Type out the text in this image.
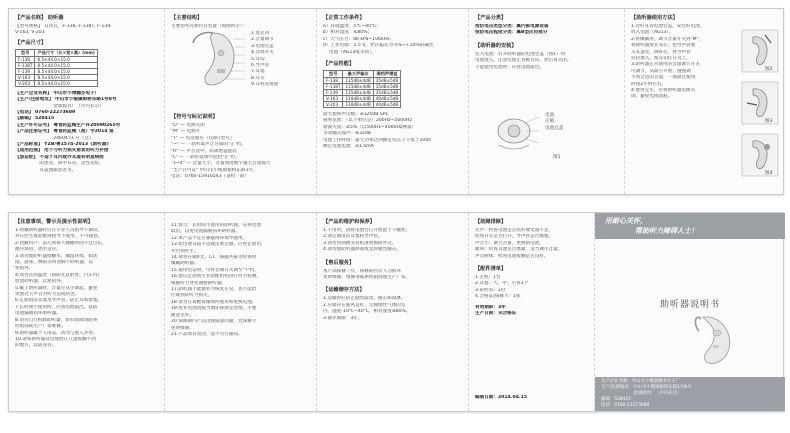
【产品名称】 助听器
【型号规格】 耳背式，F-138, F-138T, F-139,
V-163, V-203
【产品尺寸】
型号	产品尺寸（长×宽×高）(mm)
F-138	8.5×44.0×15.0
F-138T	8.5×44.0×15.0
F-139	8.5×44.0×15.0
V-163	8.5×44.0×15.0
V-203	8.5×44.0×15.0
【生产企业名称】 中山市小博腾杰电子厂
【生产/注册地址】 中山市小榄镇银桥东路1号8号
　　　　　　　　 金球模具厂（市内长宗）
【电话】 0760-22273689
【邮编】 528415
【生产许可证号】 粤食药监械生产许20090265号
【产品注册证号】 粤食药监械（准）字2014 第
　　　　　　　　 2460473 号（注）
【产品标准】 YZB/粤1574-2013《助听器》
【适用范围】 用于与听力损失患者的听力补偿
【禁忌症】 不适于耳内或外耳道有明显病症
　　　　　 的患者，如中耳炎、急性炎症、
　　　　　 耳道流脓患者等。
【主要结构】
主要由外壳和传音装置（如图所示）：
1.麦克风
2.音量调节
3.电池仓盖
4.音调开关
5.耳钩
6.导声管
7.耳塞
8.开关
9.耳机连接座
【符号与标记说明】
"O" — 电源关闭
"M" — 电源开
"T" — 电话感应（仅限T型号）
"~" — 一款听取声音分离的"正"档，
"H" — 声音适中，高频增益提高
"L" — 一款带低频中度档"正"档，
"1~4" — 音量大小，音量刻度数字越大音量越大
"生产许可证" 中山市小榄镇银桥东路1号，
电话：0760-15916543（请检一联）
【正常工作条件】
a）环境温度：5℃~40℃；
b）相对湿度：≤80%；
c）大气压力：86 kPa~106kPa；
d）工作电源：1.5 V，允许偏差为-5%~+10%的碱性
　 电池（AG13或等同）。
【产品性能】
型号	最大声输出	满档声增益
F-138	115dB±4dB	35dB±5dB
F-138T	115dB±4dB	35dB±5dB
F-139	115dB±4dB	35dB±5dB
V-163	118dB±4dB	40dB±5dB
V-203	118dB±4dB	40dB±5dB
最大饱和声压级：≤125dB SPL
频率范围：（以下单位是）200Hz~5000Hz
谐波失真：≤5%（以500Hz~4000Hz测量）
等效输入噪声：≤32dB
电池工作时间：最大功率达到额定电压下不低于200h
额定电池电流：≤1.5mA
【产品分类】
按防电击类型分类：属内部电源设备
按防电击程度分类：属B型应用部分
【助听器的安装】
装入电池：打开助听器的电池仓盖（图1）将
电池放入，注意电池正负极方向，然后再关闭。
不能使用电池时，应将电池取出。
电池
正极
电池仓盖
图1
【助听器使用方法】
1.对好耳背电池仓盖，安装好电池，
放入电池（AG13）。
2.将佩戴用，调节音量开关到"M"，
将助听器放在耳后，把导声管塞
入耳道里，调好后，将导声管
轻轻塞入，使耳钩挂在耳上。
3.助听器正常使用的音量调节开关
可调节，从最小开始，慢慢调
节到合适的音量，一般最佳使用
时间2小时左右。
4.使用完毕，应将助听器电源关
闭，避免电池消耗。
图2
图3
图4
【注意事项、警示及提示性说明】
1.初戴助听器时应在专业人员指导下调试，
并在医生或验配师指导下使用，不可随意。
2.初戴用户：前几周每天佩戴时间不宜过长，
循序渐进，逐步适应。
3.请勿使助听器接触水、潮湿环境，如洗
澡、游泳、淋雨等时请摘下助听器，以
免损坏。
4.请勿在高温处（如阳光直射处、汽车内）
放置助听器，以免损坏。
5.戴上助听器时，音量应从小调起，避免
突然过大声音对听力造成伤害。
6.定期清洁耳塞及导声管，防止耳垢堵塞。
7.长时间不使用时，应将电池取出，以防
电池漏液损坏助听器。
8.请勿自行拆卸助听器，如有故障请联系
经销商或生产厂家维修。
9.助听器属个人用品，请勿与他人共用。
10.请将助听器及电池放在儿童接触不到
的地方，以防误吞。
11.警告：长时间不使用的助听器，应将电池
取出，以免电池漏液损坏助听器。
12.本产品不宜在强磁场环境中使用。
13.如出现耳道不适或皮肤过敏，应停止使用，
并咨询医生。
14.请勿在做X光、CT、核磁共振等检查时
佩戴助听器。
15.使用电话时，可将音调开关调至"T"档。
16.建议定期到专业验配机构进行听力检测，
根据听力变化调整助听器。
17.助听器不能使听力恢复正常，也不能治
疗或预防听力损失。
18.请勿在易燃易爆场所使用和更换电池。
19.废弃电池请按当地环保规定处理，不要
随意丢弃。
20.保修期内产品出现质量问题，凭保修卡
免费维修。
21.产品如有改动，恕不另行通知。
【产品的维护和保养】
1.不用时，请将电池仓打开放置于干燥处。
2.请定期清洁耳塞和导声管。
3.请勿用酒精等有机溶剂擦拭外壳。
4.请勿使助听器摔落或受到强烈撞击。
【售后服务】
本产品保修一年，保修期内非人为损坏
免费维修，维修请联系经销商或生产厂家。
【运输储存方法】
1.运输时应防止剧烈震动、撞击和雨淋。
2.应储存在通风良好、无腐蚀性气体的室
内，温度-10℃~40℃，相对湿度≤80%。
3.储存期限：3年。
【故障排除】
无声：检查电池是否装好或电量不足，
检查开关是否打开，导声管是否堵塞。
声音小：调大音量，更换新电池。
啸叫：检查耳塞是否塞紧，适当调小音量。
声音断续：检查电池接触是否良好。
【配件清单】
1.主机：1台
2.耳塞：大、中、小各1个
3.说明书：1份
4.合格证/保修卡：1张
有效期限：3年
生产日期：见合格证
编制日期：2014.04.15
用耐心关怀，
帮助听力障碍人士！
助听器说明书
生产企业名称：中山市小榄镇腾杰电子厂
生产/注册地址：中山市小榄镇银桥东路1号8号
　　　　　　　 金球模具厂（市内长宗）
邮编：528415
电话：0760-22273689
